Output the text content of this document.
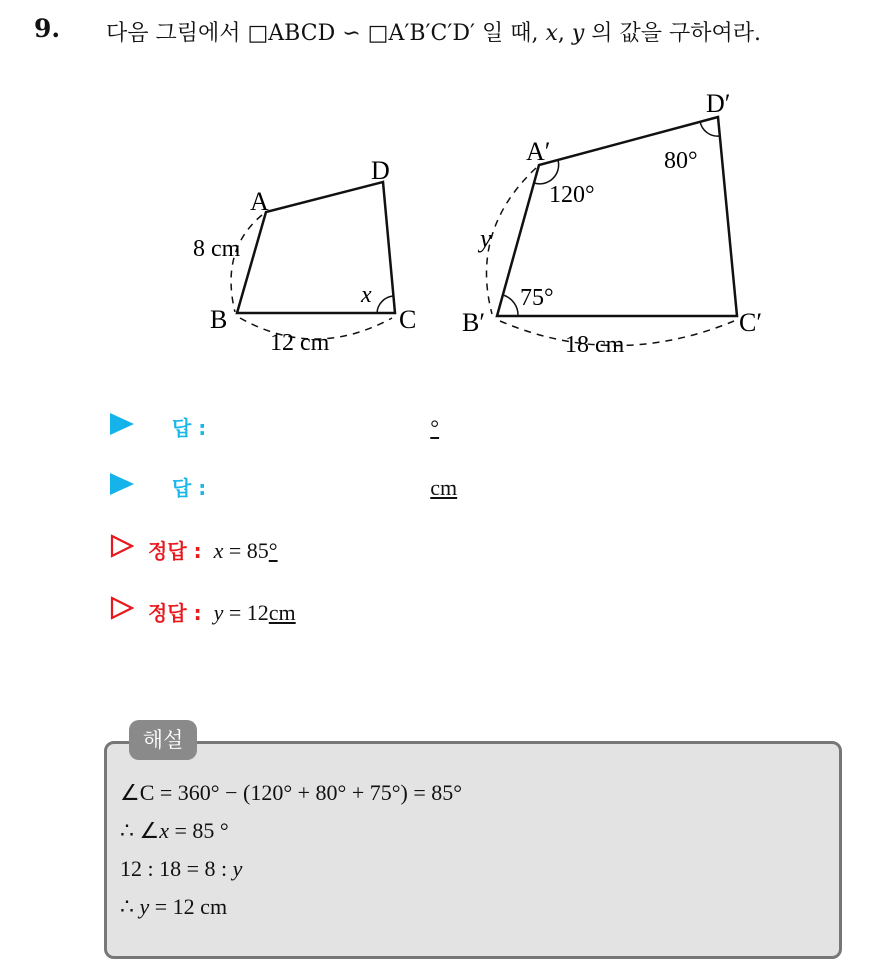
9. 다음 그림에서 □ABCD ∽ □A′B′C′D′ 일 때, x, y 의 값을 구하여라.
A
B	C
D
8 cm
12 cm
x
A′
B′	C′
D′
y
18 cm
120°
80°
75°
답 :	°
답 :	cm
정답 : x = 85°
정답 : y = 12cm
해설
∠C = 360° − (120° + 80° + 75°) = 85°
∴ ∠x = 85 °
12 : 18 = 8 : y
∴ y = 12 cm
